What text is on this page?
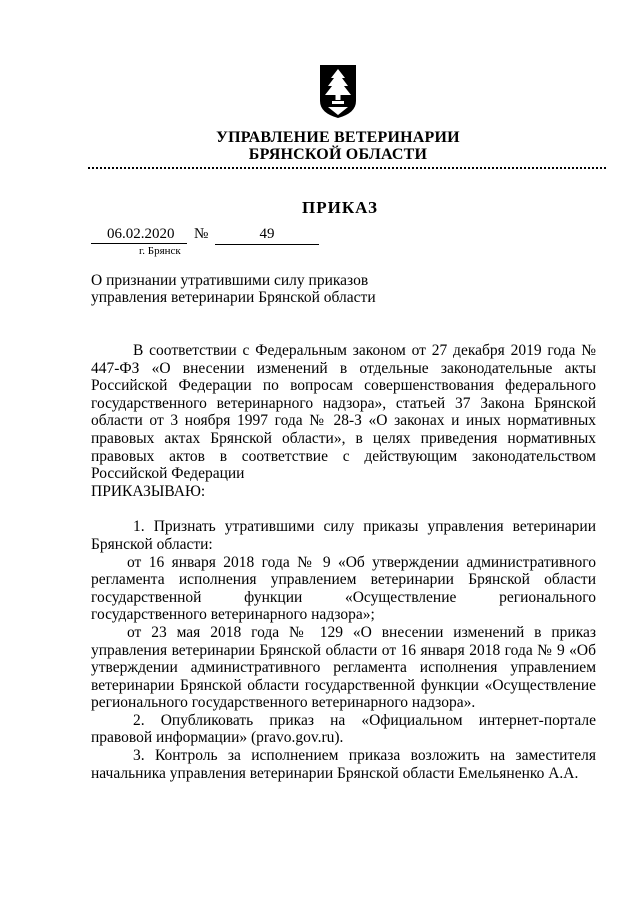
УПРАВЛЕНИЕ ВЕТЕРИНАРИИ
БРЯНСКОЙ ОБЛАСТИ
ПРИКАЗ
06.02.2020	№	49
г. Брянск
О признании утратившими силу приказов
управления ветеринарии Брянской области

В соответствии с Федеральным законом от 27 декабря 2019 года № 447-ФЗ «О внесении изменений в отдельные законодательные акты Российской Федерации по вопросам совершенствования федерального государственного ветеринарного надзора», статьей 37 Закона Брянской области от 3 ноября 1997 года № 28-З «О законах и иных нормативных правовых актах Брянской области», в целях приведения нормативных правовых актов в соответствие с действующим законодательством Российской Федерации

ПРИКАЗЫВАЮ:

1. Признать утратившими силу приказы управления ветеринарии Брянской области:

от 16 января 2018 года № 9 «Об утверждении административного регламента исполнения управлением ветеринарии Брянской области государственной функции «Осуществление регионального государственного ветеринарного надзора»;

от 23 мая 2018 года № 129 «О внесении изменений в приказ управления ветеринарии Брянской области от 16 января 2018 года № 9 «Об утверждении административного регламента исполнения управлением ветеринарии Брянской области государственной функции «Осуществление регионального государственного ветеринарного надзора».

2. Опубликовать приказ на «Официальном интернет-портале правовой информации» (pravo.gov.ru).

3. Контроль за исполнением приказа возложить на заместителя начальника управления ветеринарии Брянской области Емельяненко А.А.
